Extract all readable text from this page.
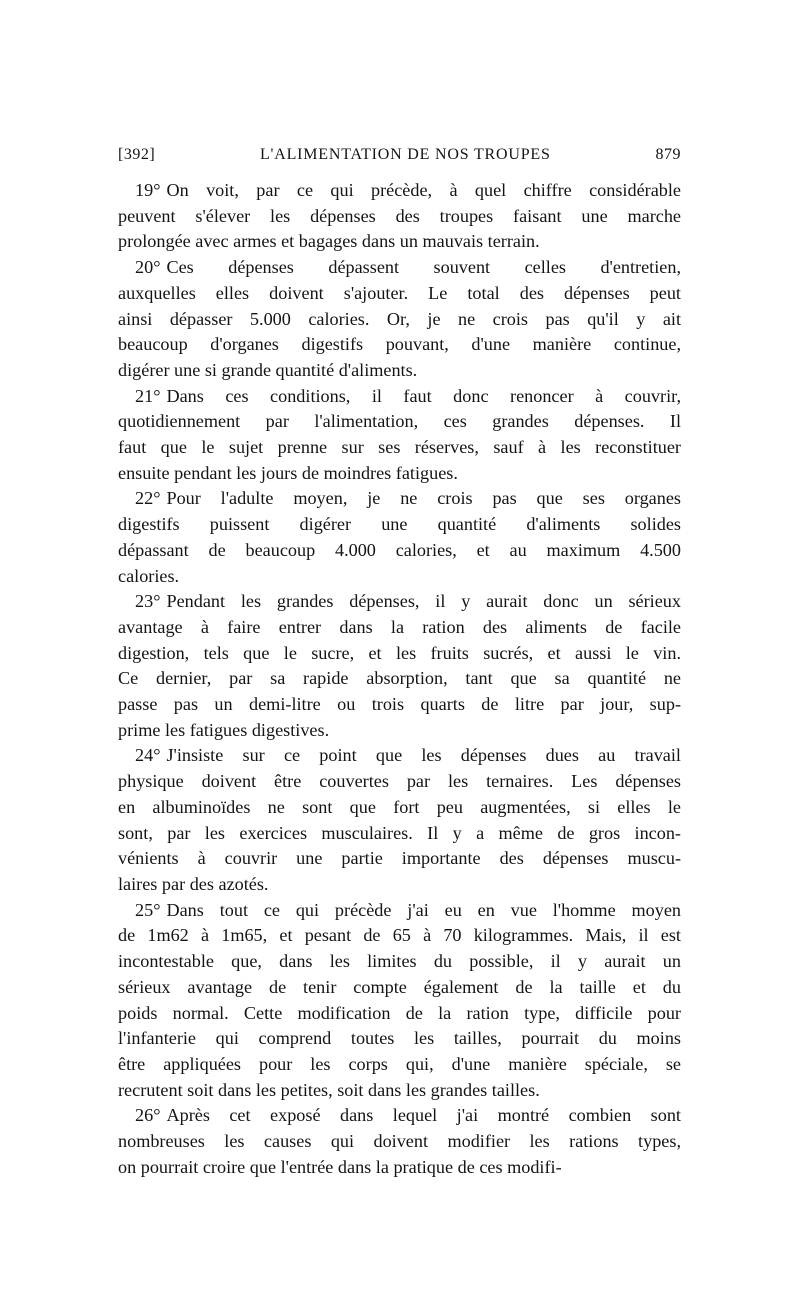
[392]	L'ALIMENTATION DE NOS TROUPES	879

19° On voit, par ce qui précède, à quel chiffre considérable
peuvent s'élever les dépenses des troupes faisant une marche
prolongée avec armes et bagages dans un mauvais terrain.

20° Ces dépenses dépassent souvent celles d'entretien,
auxquelles elles doivent s'ajouter. Le total des dépenses peut
ainsi dépasser 5.000 calories. Or, je ne crois pas qu'il y ait
beaucoup d'organes digestifs pouvant, d'une manière continue,
digérer une si grande quantité d'aliments.

21° Dans ces conditions, il faut donc renoncer à couvrir,
quotidiennement par l'alimentation, ces grandes dépenses. Il
faut que le sujet prenne sur ses réserves, sauf à les reconstituer
ensuite pendant les jours de moindres fatigues.

22° Pour l'adulte moyen, je ne crois pas que ses organes
digestifs puissent digérer une quantité d'aliments solides
dépassant de beaucoup 4.000 calories, et au maximum 4.500
calories.

23° Pendant les grandes dépenses, il y aurait donc un sérieux
avantage à faire entrer dans la ration des aliments de facile
digestion, tels que le sucre, et les fruits sucrés, et aussi le vin.
Ce dernier, par sa rapide absorption, tant que sa quantité ne
passe pas un demi-litre ou trois quarts de litre par jour, sup-
prime les fatigues digestives.

24° J'insiste sur ce point que les dépenses dues au travail
physique doivent être couvertes par les ternaires. Les dépenses
en albuminoïdes ne sont que fort peu augmentées, si elles le
sont, par les exercices musculaires. Il y a même de gros incon-
vénients à couvrir une partie importante des dépenses muscu-
laires par des azotés.

25° Dans tout ce qui précède j'ai eu en vue l'homme moyen
de 1m62 à 1m65, et pesant de 65 à 70 kilogrammes. Mais, il est
incontestable que, dans les limites du possible, il y aurait un
sérieux avantage de tenir compte également de la taille et du
poids normal. Cette modification de la ration type, difficile pour
l'infanterie qui comprend toutes les tailles, pourrait du moins
être appliquées pour les corps qui, d'une manière spéciale, se
recrutent soit dans les petites, soit dans les grandes tailles.

26° Après cet exposé dans lequel j'ai montré combien sont
nombreuses les causes qui doivent modifier les rations types,
on pourrait croire que l'entrée dans la pratique de ces modifi-
